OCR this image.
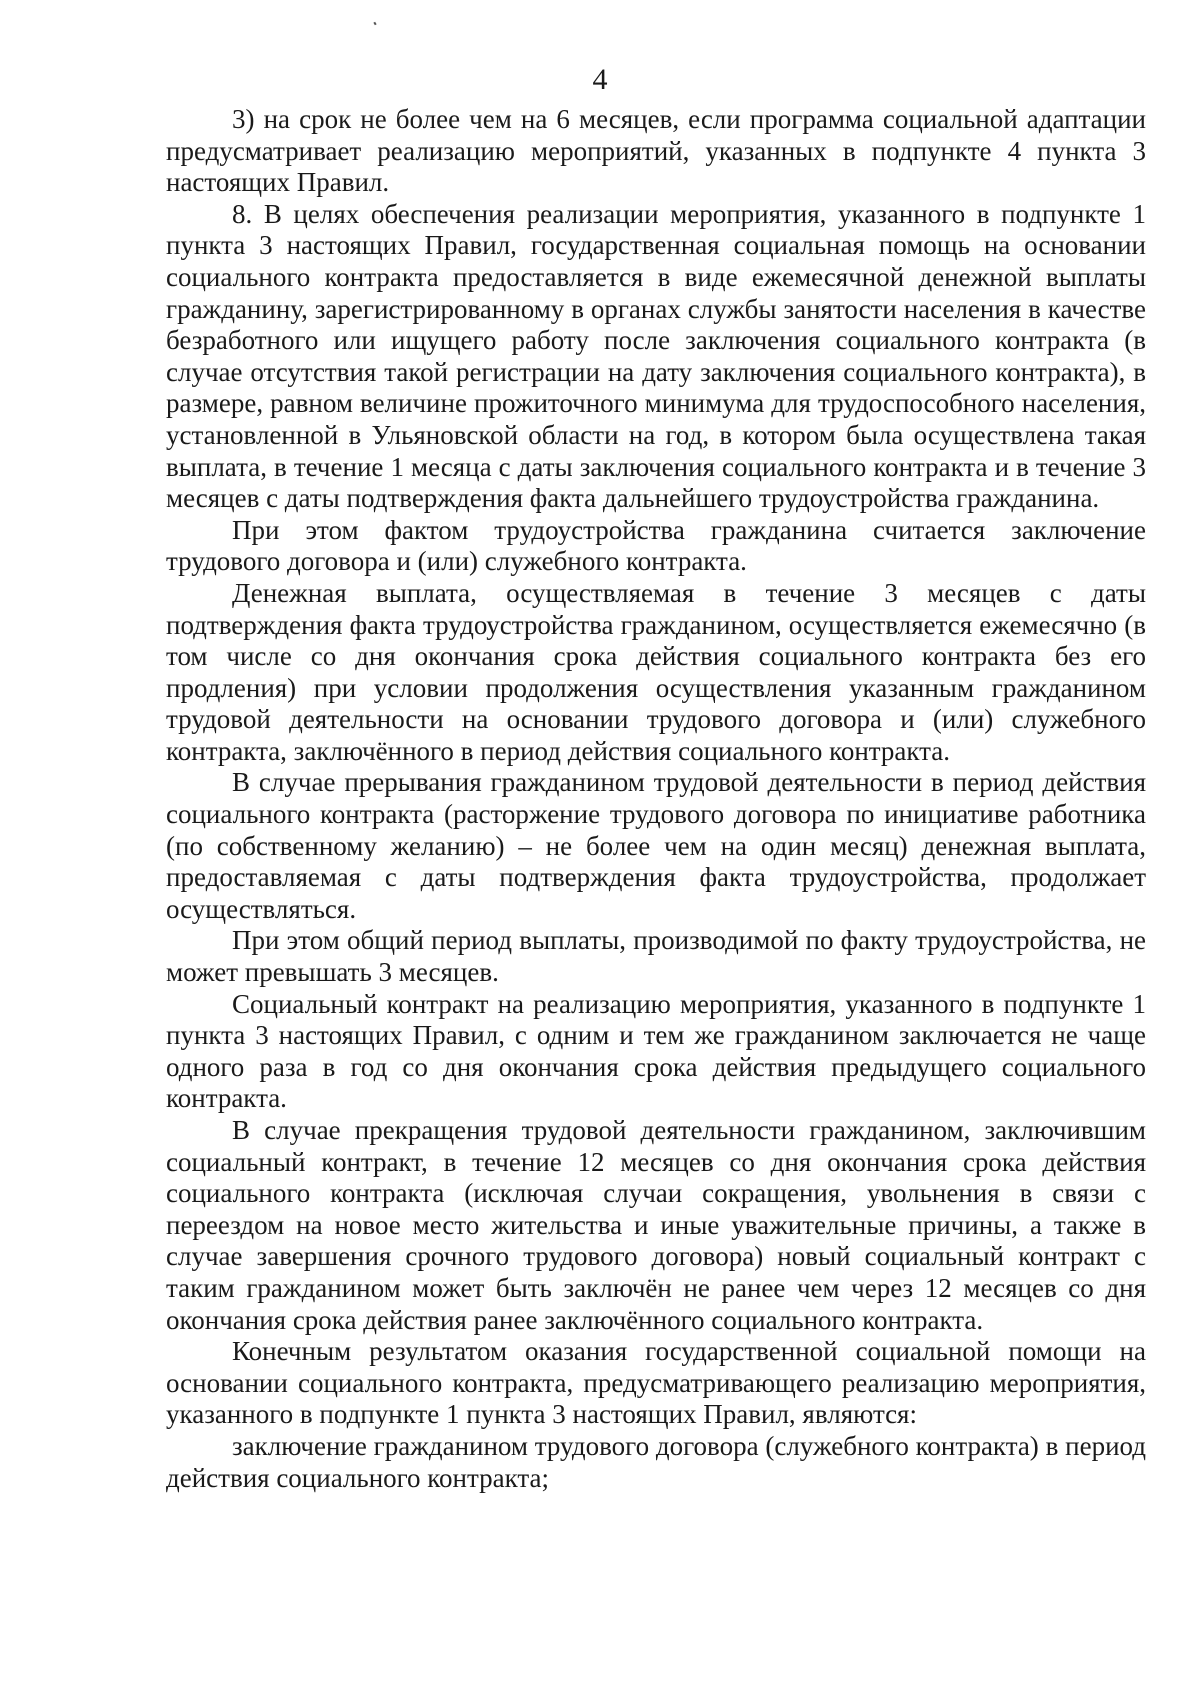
4

3) на срок не более чем на 6 месяцев, если программа социальной адаптации предусматривает реализацию мероприятий, указанных в подпункте 4 пункта 3 настоящих Правил.

8. В целях обеспечения реализации мероприятия, указанного в подпункте 1 пункта 3 настоящих Правил, государственная социальная помощь на основании социального контракта предоставляется в виде ежемесячной денежной выплаты гражданину, зарегистрированному в органах службы занятости населения в качестве безработного или ищущего работу после заключения социального контракта (в случае отсутствия такой регистрации на дату заключения социального контракта), в размере, равном величине прожиточного минимума для трудоспособного населения, установленной в Ульяновской области на год, в котором была осуществлена такая выплата, в течение 1 месяца с даты заключения социального контракта и в течение 3 месяцев с даты подтверждения факта дальнейшего трудоустройства гражданина.

При этом фактом трудоустройства гражданина считается заключение трудового договора и (или) служебного контракта.

Денежная выплата, осуществляемая в течение 3 месяцев с даты подтверждения факта трудоустройства гражданином, осуществляется ежемесячно (в том числе со дня окончания срока действия социального контракта без его продления) при условии продолжения осуществления указанным гражданином трудовой деятельности на основании трудового договора и (или) служебного контракта, заключённого в период действия социального контракта.

В случае прерывания гражданином трудовой деятельности в период действия социального контракта (расторжение трудового договора по инициативе работника (по собственному желанию) – не более чем на один месяц) денежная выплата, предоставляемая с даты подтверждения факта трудоустройства, продолжает осуществляться.

При этом общий период выплаты, производимой по факту трудоустройства, не может превышать 3 месяцев.

Социальный контракт на реализацию мероприятия, указанного в подпункте 1 пункта 3 настоящих Правил, с одним и тем же гражданином заключается не чаще одного раза в год со дня окончания срока действия предыдущего социального контракта.

В случае прекращения трудовой деятельности гражданином, заключившим социальный контракт, в течение 12 месяцев со дня окончания срока действия социального контракта (исключая случаи сокращения, увольнения в связи с переездом на новое место жительства и иные уважительные причины, а также в случае завершения срочного трудового договора) новый социальный контракт с таким гражданином может быть заключён не ранее чем через 12 месяцев со дня окончания срока действия ранее заключённого социального контракта.

Конечным результатом оказания государственной социальной помощи на основании социального контракта, предусматривающего реализацию мероприятия, указанного в подпункте 1 пункта 3 настоящих Правил, являются:

заключение гражданином трудового договора (служебного контракта) в период действия социального контракта;
